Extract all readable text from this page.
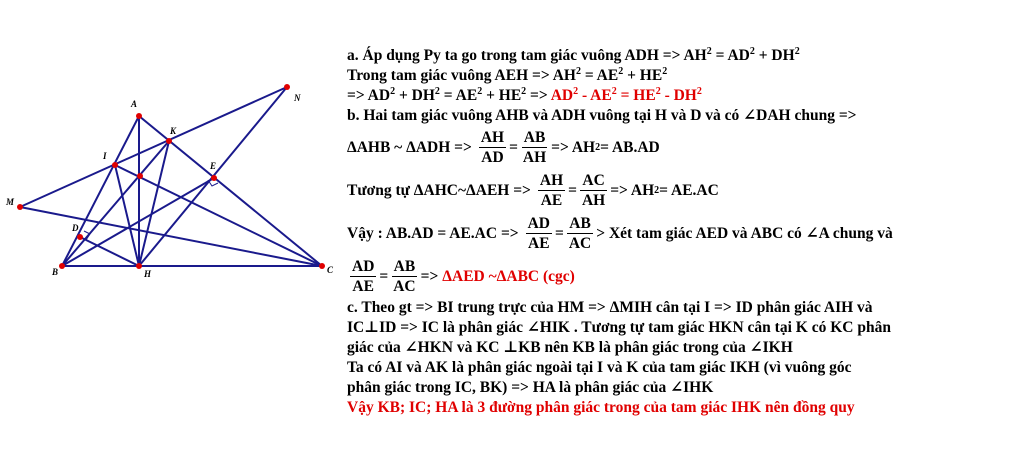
A
B	C
H
I
K
E
D
M
N
a. Áp dụng Py ta go trong tam giác vuông ADH => $AH^2 = AD^2 + DH^2$
Trong tam giác vuông AEH => $AH^2 = AE^2 + HE^2$
=> $AD^2 + DH^2 = AE^2 + HE^2 => AD^2 - AE^2 = HE^2 - DH^2$
b. Hai tam giác vuông AHB và ADH vuông tại H và D và có ∠DAH chung =>
ΔAHB ~ $\Delta ADH => \frac{AH}{AD} = \frac{AB}{AH}$ => AH 2 = AB.AD
Tương tự ΔAHC~ΔAEH => $\frac{AH}{AE} = \frac{AC}{AH}$ => AH 2 = AE.AC
Vậy : $AB.AD = AE.AC => \frac{AD}{AE} = \frac{AB}{AC}$ > Xét tam giác AED và ABC có ∠A chung và
$\frac{AD}{AE} = \frac{AB}{AC} => \Delta AED$ ~ΔABC (cgc)
c. Theo gt => BI trung trực của HM => ΔMIH cân tại I => ID phân giác AIH và
IC⊥ID => IC là phân giác ∠HIK . Tương tự tam giác HKN cân tại K có KC phân
giác của ∠HKN và KC ⊥KB nên KB là phân giác trong của ∠IKH
Ta có AI và AK là phân giác ngoài tại I và K của tam giác IKH (vì vuông góc
phân giác trong IC, BK) => HA là phân giác của ∠IHK
Vậy KB; IC; HA là 3 đường phân giác trong của tam giác IHK nên đồng quy
